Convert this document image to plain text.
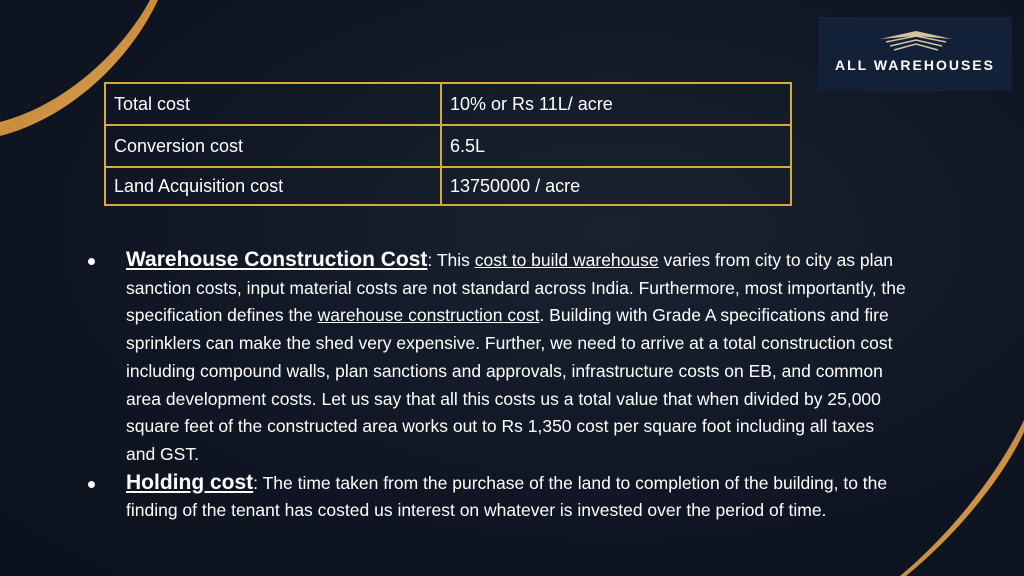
ALL WAREHOUSES
Total cost	10% or Rs 11L/ acre
Conversion cost	6.5L
Land Acquisition cost	13750000 / acre
Warehouse Construction Cost: This cost to build warehouse varies from city to city as plan sanction costs, input material costs are not standard across India. Furthermore, most importantly, the specification defines the warehouse construction cost. Building with Grade A specifications and fire sprinklers can make the shed very expensive. Further, we need to arrive at a total construction cost including compound walls, plan sanctions and approvals, infrastructure costs on EB, and common area development costs. Let us say that all this costs us a total value that when divided by 25,000 square feet of the constructed area works out to Rs 1,350 cost per square foot including all taxes and GST.
Holding cost: The time taken from the purchase of the land to completion of the building, to the finding of the tenant has costed us interest on whatever is invested over the period of time.
